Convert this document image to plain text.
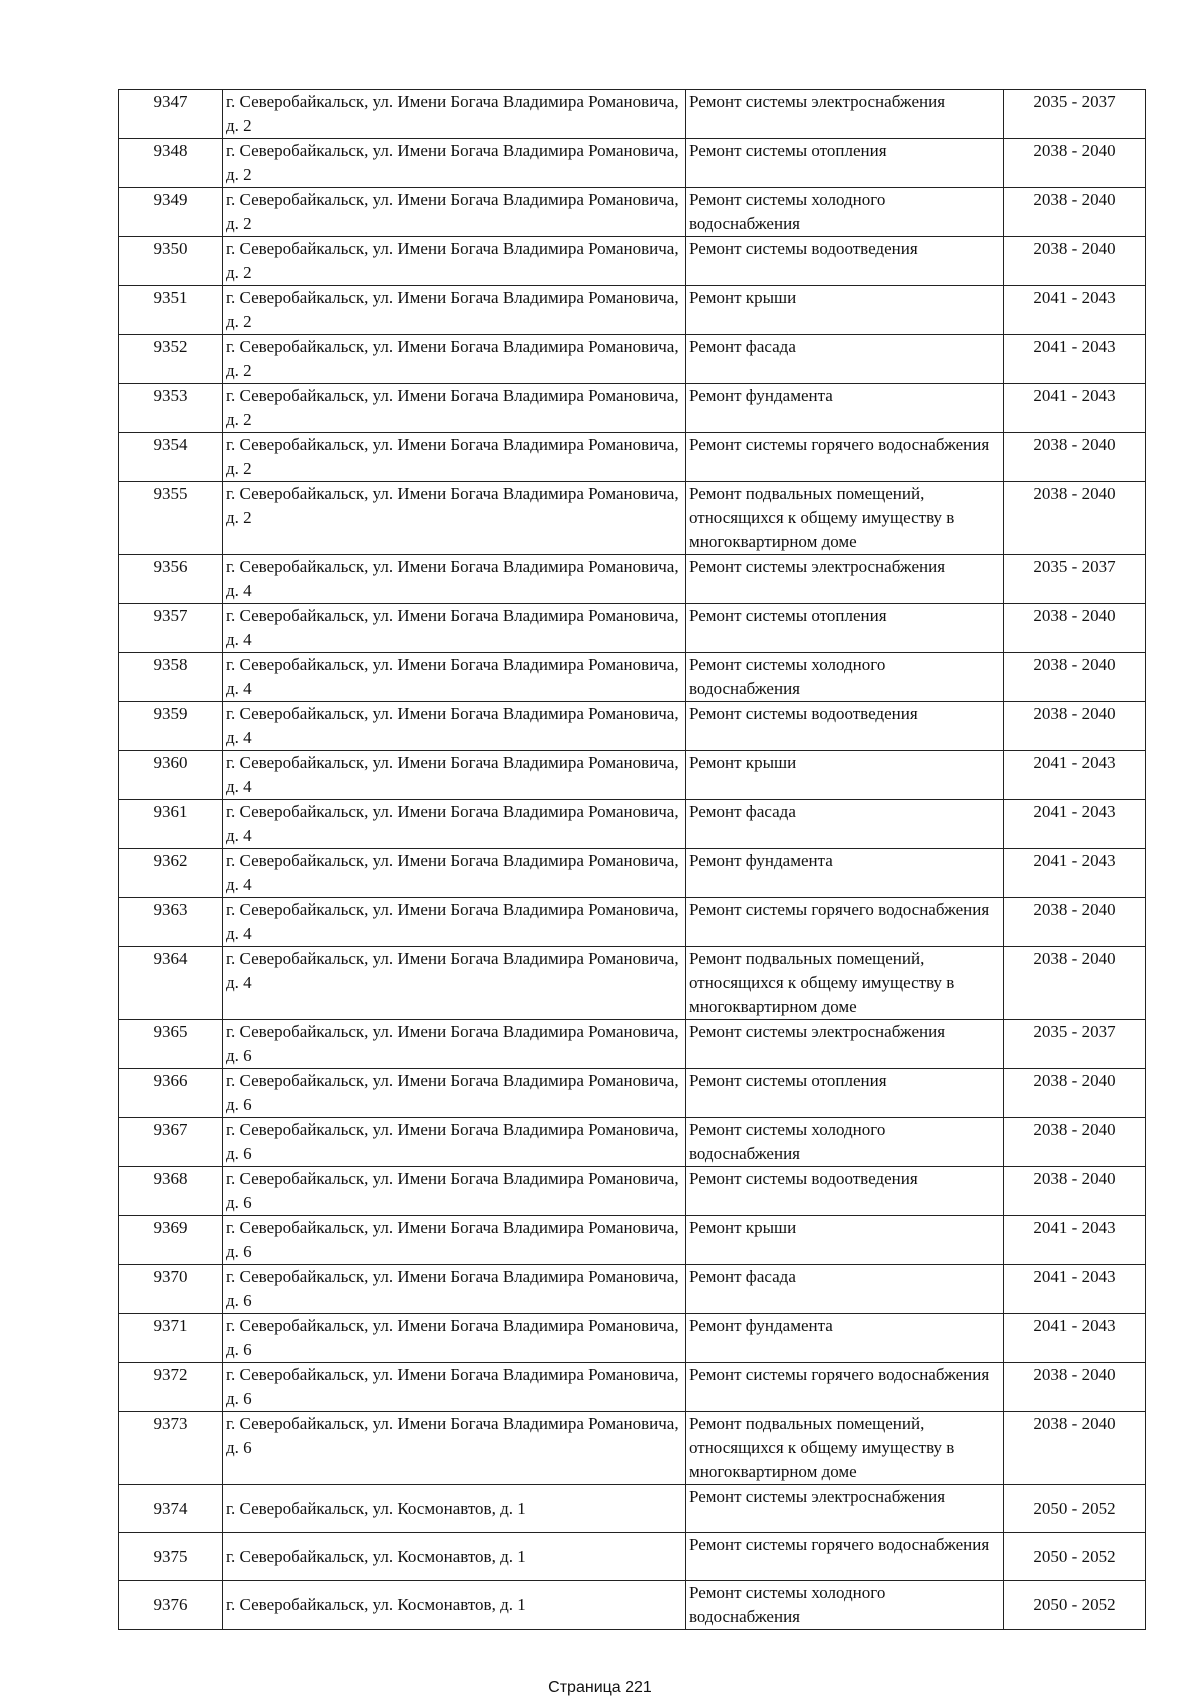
9347	г. Северобайкальск, ул. Имени Богача Владимира Романовича, д. 2	Ремонт системы электроснабжения	2035 - 2037
9348	г. Северобайкальск, ул. Имени Богача Владимира Романовича, д. 2	Ремонт системы отопления	2038 - 2040
9349	г. Северобайкальск, ул. Имени Богача Владимира Романовича, д. 2	Ремонт системы холодного водоснабжения	2038 - 2040
9350	г. Северобайкальск, ул. Имени Богача Владимира Романовича, д. 2	Ремонт системы водоотведения	2038 - 2040
9351	г. Северобайкальск, ул. Имени Богача Владимира Романовича, д. 2	Ремонт крыши	2041 - 2043
9352	г. Северобайкальск, ул. Имени Богача Владимира Романовича, д. 2	Ремонт фасада	2041 - 2043
9353	г. Северобайкальск, ул. Имени Богача Владимира Романовича, д. 2	Ремонт фундамента	2041 - 2043
9354	г. Северобайкальск, ул. Имени Богача Владимира Романовича, д. 2	Ремонт системы горячего водоснабжения	2038 - 2040
9355	г. Северобайкальск, ул. Имени Богача Владимира Романовича, д. 2	Ремонт подвальных помещений, относящихся к общему имуществу в многоквартирном доме	2038 - 2040
9356	г. Северобайкальск, ул. Имени Богача Владимира Романовича, д. 4	Ремонт системы электроснабжения	2035 - 2037
9357	г. Северобайкальск, ул. Имени Богача Владимира Романовича, д. 4	Ремонт системы отопления	2038 - 2040
9358	г. Северобайкальск, ул. Имени Богача Владимира Романовича, д. 4	Ремонт системы холодного водоснабжения	2038 - 2040
9359	г. Северобайкальск, ул. Имени Богача Владимира Романовича, д. 4	Ремонт системы водоотведения	2038 - 2040
9360	г. Северобайкальск, ул. Имени Богача Владимира Романовича, д. 4	Ремонт крыши	2041 - 2043
9361	г. Северобайкальск, ул. Имени Богача Владимира Романовича, д. 4	Ремонт фасада	2041 - 2043
9362	г. Северобайкальск, ул. Имени Богача Владимира Романовича, д. 4	Ремонт фундамента	2041 - 2043
9363	г. Северобайкальск, ул. Имени Богача Владимира Романовича, д. 4	Ремонт системы горячего водоснабжения	2038 - 2040
9364	г. Северобайкальск, ул. Имени Богача Владимира Романовича, д. 4	Ремонт подвальных помещений, относящихся к общему имуществу в многоквартирном доме	2038 - 2040
9365	г. Северобайкальск, ул. Имени Богача Владимира Романовича, д. 6	Ремонт системы электроснабжения	2035 - 2037
9366	г. Северобайкальск, ул. Имени Богача Владимира Романовича, д. 6	Ремонт системы отопления	2038 - 2040
9367	г. Северобайкальск, ул. Имени Богача Владимира Романовича, д. 6	Ремонт системы холодного водоснабжения	2038 - 2040
9368	г. Северобайкальск, ул. Имени Богача Владимира Романовича, д. 6	Ремонт системы водоотведения	2038 - 2040
9369	г. Северобайкальск, ул. Имени Богача Владимира Романовича, д. 6	Ремонт крыши	2041 - 2043
9370	г. Северобайкальск, ул. Имени Богача Владимира Романовича, д. 6	Ремонт фасада	2041 - 2043
9371	г. Северобайкальск, ул. Имени Богача Владимира Романовича, д. 6	Ремонт фундамента	2041 - 2043
9372	г. Северобайкальск, ул. Имени Богача Владимира Романовича, д. 6	Ремонт системы горячего водоснабжения	2038 - 2040
9373	г. Северобайкальск, ул. Имени Богача Владимира Романовича, д. 6	Ремонт подвальных помещений, относящихся к общему имуществу в многоквартирном доме	2038 - 2040
9374	г. Северобайкальск, ул. Космонавтов, д. 1	Ремонт системы электроснабжения	2050 - 2052
9375	г. Северобайкальск, ул. Космонавтов, д. 1	Ремонт системы горячего водоснабжения	2050 - 2052
9376	г. Северобайкальск, ул. Космонавтов, д. 1	Ремонт системы холодного водоснабжения	2050 - 2052
Страница 221
